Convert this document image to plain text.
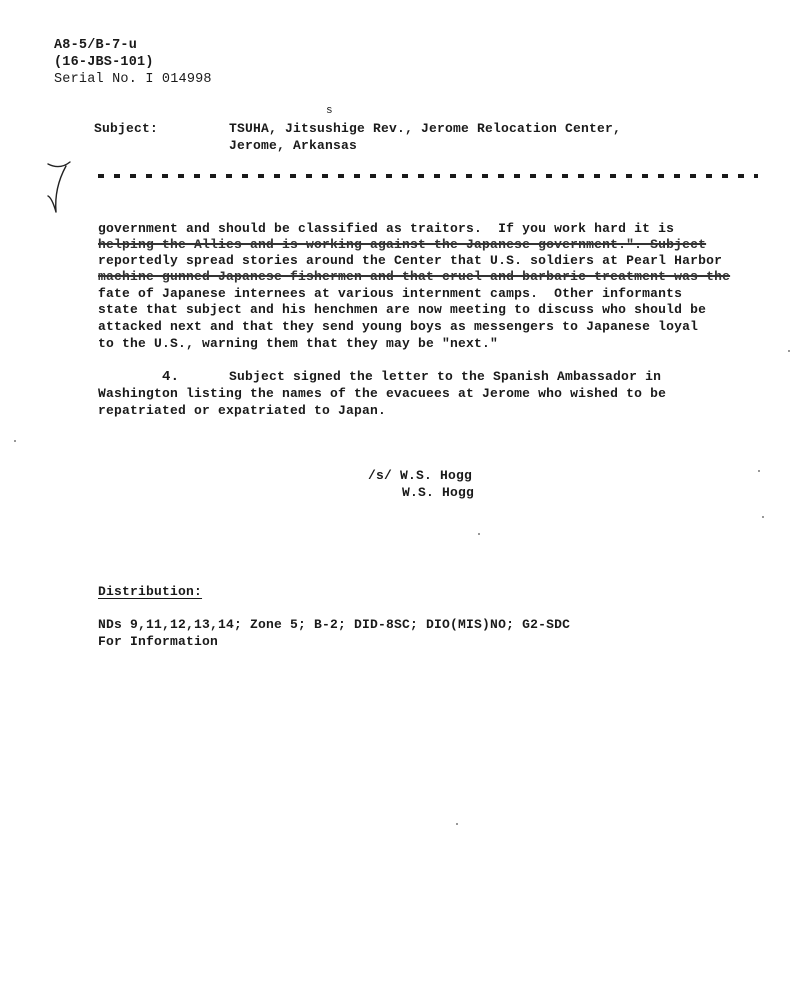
A8-5/B-7-u
(16-JBS-101)
Serial No. I 014998
s
Subject:	TSUHA, Jitsushige Rev., Jerome Relocation Center,
Jerome, Arkansas
government and should be classified as traitors.  If you work hard it is
helping the Allies and is working against the Japanese government.". Subject
reportedly spread stories around the Center that U.S. soldiers at Pearl Harbor
machine gunned Japanese fishermen and that cruel and barbaric treatment was the
fate of Japanese internees at various internment camps.  Other informants
state that subject and his henchmen are now meeting to discuss who should be
attacked next and that they send young boys as messengers to Japanese loyal
to the U.S., warning them that they may be "next."
4.	Subject signed the letter to the Spanish Ambassador in
Washington listing the names of the evacuees at Jerome who wished to be
repatriated or expatriated to Japan.
/s/ W.S. Hogg
W.S. Hogg
Distribution:
NDs 9,11,12,13,14; Zone 5; B-2; DID-8SC; DIO(MIS)NO; G2-SDC
For Information
